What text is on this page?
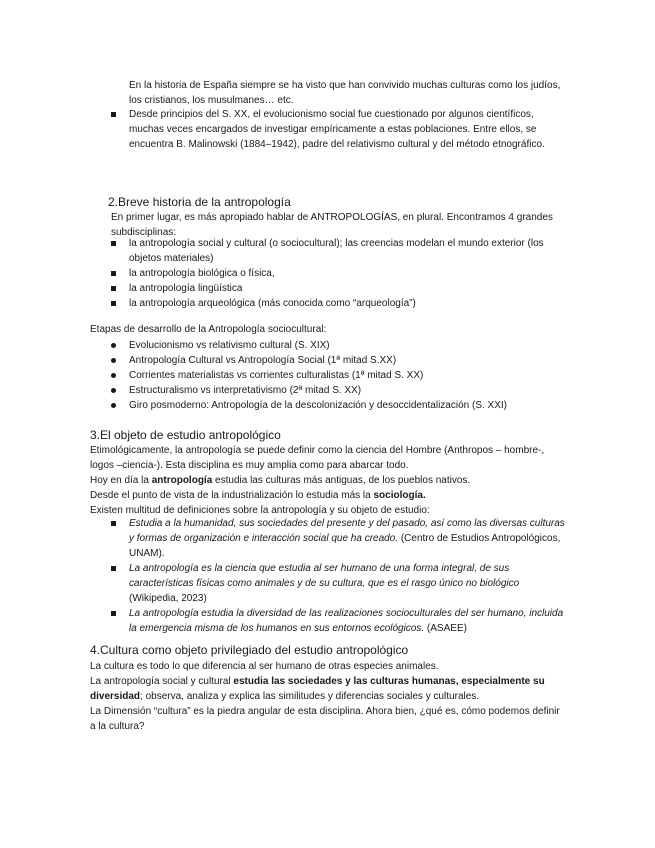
En la historia de España siempre se ha visto que han convivido muchas culturas como los judíos, los cristianos, los musulmanes… etc.

Desde principios del S. XX, el evolucionismo social fue cuestionado por algunos científicos, muchas veces encargados de investigar empíricamente a estas poblaciones. Entre ellos, se encuentra B. Malinowski (1884–1942), padre del relativismo cultural y del método etnográfico.
2.Breve historia de la antropología

En primer lugar, es más apropiado hablar de ANTROPOLOGÍAS, en plural. Encontramos 4 grandes subdisciplinas:

la antropología social y cultural (o sociocultural); las creencias modelan el mundo exterior (los objetos materiales)
la antropología biológica o física,
la antropología lingüística
la antropología arqueológica (más conocida como “arqueología”)

Etapas de desarrollo de la Antropología sociocultural:

Evolucionismo vs relativismo cultural (S. XIX)
Antropología Cultural vs Antropología Social (1ª mitad S.XX)
Corrientes materialistas vs corrientes culturalistas (1ª mitad S. XX)
Estructuralismo vs interpretativismo (2ª mitad S. XX)
Giro posmoderno: Antropología de la descolonización y desoccidentalización (S. XXI)
3.El objeto de estudio antropológico

Etimológicamente, la antropología se puede definir como la ciencia del Hombre (Anthropos – hombre-, logos –ciencia-). Esta disciplina es muy amplia como para abarcar todo.

Hoy en día la antropología estudia las culturas más antiguas, de los pueblos nativos.

Desde el punto de vista de la industrialización lo estudia más la sociología.

Existen multitud de definiciones sobre la antropología y su objeto de estudio:

Estudia a la humanidad, sus sociedades del presente y del pasado, así como las diversas culturas y formas de organización e interacción social que ha creado. (Centro de Estudios Antropológicos, UNAM).
La antropología es la ciencia que estudia al ser humano de una forma integral, de sus características físicas como animales y de su cultura, que es el rasgo único no biológico (Wikipedia, 2023)
La antropología estudia la diversidad de las realizaciones socioculturales del ser humano, incluida la emergencia misma de los humanos en sus entornos ecológicos. (ASAEE)
4.Cultura como objeto privilegiado del estudio antropológico

La cultura es todo lo que diferencia al ser humano de otras especies animales.

La antropología social y cultural estudia las sociedades y las culturas humanas, especialmente su diversidad; observa, analiza y explica las similitudes y diferencias sociales y culturales.

La Dimensión “cultura” es la piedra angular de esta disciplina. Ahora bien, ¿qué es, cómo podemos definir a la cultura?
